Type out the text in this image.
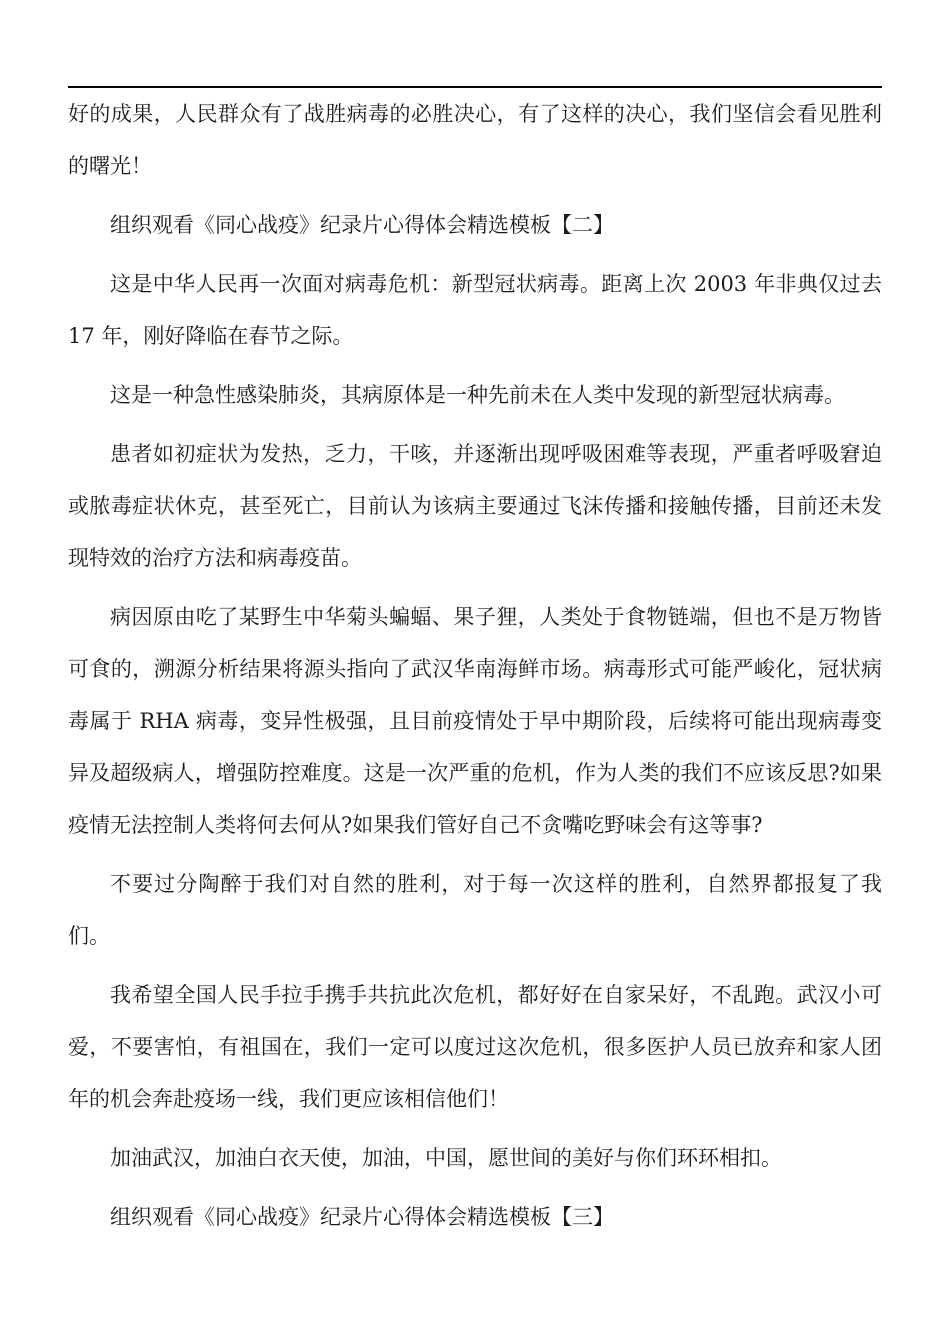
好的成果，人民群众有了战胜病毒的必胜决心，有了这样的决心，我们坚信会看见胜利的曙光！

组织观看《同心战疫》纪录片心得体会精选模板【二】

这是中华人民再一次面对病毒危机：新型冠状病毒。距离上次 2003 年非典仅过去 17 年，刚好降临在春节之际。

这是一种急性感染肺炎，其病原体是一种先前未在人类中发现的新型冠状病毒。

患者如初症状为发热，乏力，干咳，并逐渐出现呼吸困难等表现，严重者呼吸窘迫或脓毒症状休克，甚至死亡，目前认为该病主要通过飞沫传播和接触传播，目前还未发现特效的治疗方法和病毒疫苗。

病因原由吃了某野生中华菊头蝙蝠、果子狸，人类处于食物链端，但也不是万物皆可食的，溯源分析结果将源头指向了武汉华南海鲜市场。病毒形式可能严峻化，冠状病毒属于 RHA 病毒，变异性极强，且目前疫情处于早中期阶段，后续将可能出现病毒变异及超级病人，增强防控难度。这是一次严重的危机，作为人类的我们不应该反思?如果疫情无法控制人类将何去何从?如果我们管好自己不贪嘴吃野味会有这等事?

不要过分陶醉于我们对自然的胜利，对于每一次这样的胜利，自然界都报复了我们。

我希望全国人民手拉手携手共抗此次危机，都好好在自家呆好，不乱跑。武汉小可爱，不要害怕，有祖国在，我们一定可以度过这次危机，很多医护人员已放弃和家人团年的机会奔赴疫场一线，我们更应该相信他们！

加油武汉，加油白衣天使，加油，中国，愿世间的美好与你们环环相扣。

组织观看《同心战疫》纪录片心得体会精选模板【三】
